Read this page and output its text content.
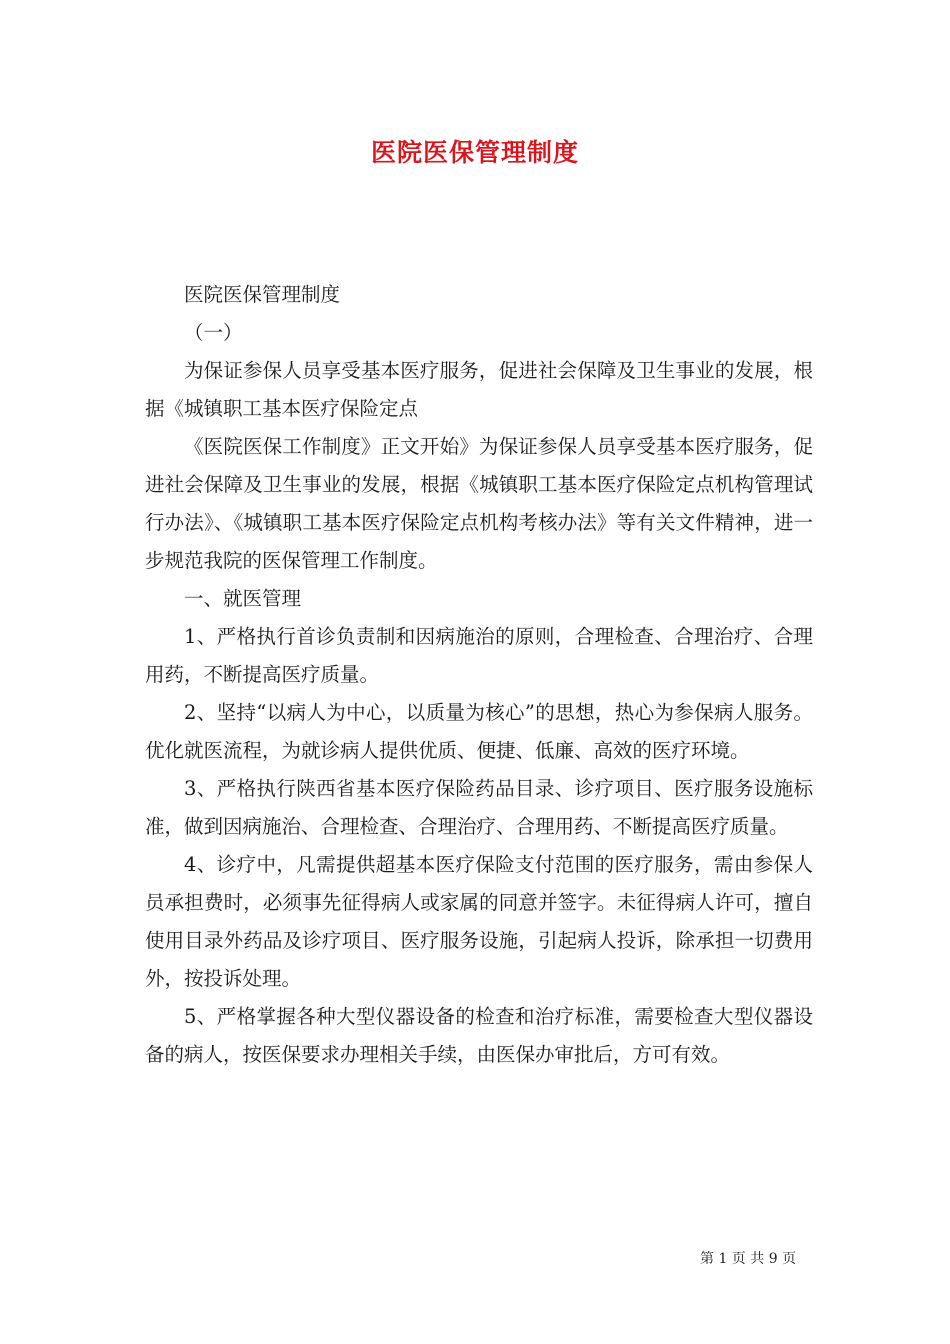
医院医保管理制度

医院医保管理制度

（一）

为保证参保人员享受基本医疗服务，促进社会保障及卫生事业的发展，根据《城镇职工基本医疗保险定点

《医院医保工作制度》正文开始》为保证参保人员享受基本医疗服务，促进社会保障及卫生事业的发展，根据《城镇职工基本医疗保险定点机构管理试行办法》、《城镇职工基本医疗保险定点机构考核办法》等有关文件精神，进一步规范我院的医保管理工作制度。

一、就医管理

1、严格执行首诊负责制和因病施治的原则，合理检查、合理治疗、合理用药，不断提高医疗质量。

2、坚持“以病人为中心，以质量为核心”的思想，热心为参保病人服务。优化就医流程，为就诊病人提供优质、便捷、低廉、高效的医疗环境。

3、严格执行陕西省基本医疗保险药品目录、诊疗项目、医疗服务设施标准，做到因病施治、合理检查、合理治疗、合理用药、不断提高医疗质量。

4、诊疗中，凡需提供超基本医疗保险支付范围的医疗服务，需由参保人员承担费时，必须事先征得病人或家属的同意并签字。未征得病人许可，擅自使用目录外药品及诊疗项目、医疗服务设施，引起病人投诉，除承担一切费用外，按投诉处理。

5、严格掌握各种大型仪器设备的检查和治疗标准，需要检查大型仪器设备的病人，按医保要求办理相关手续，由医保办审批后，方可有效。

第 1 页 共 9 页
